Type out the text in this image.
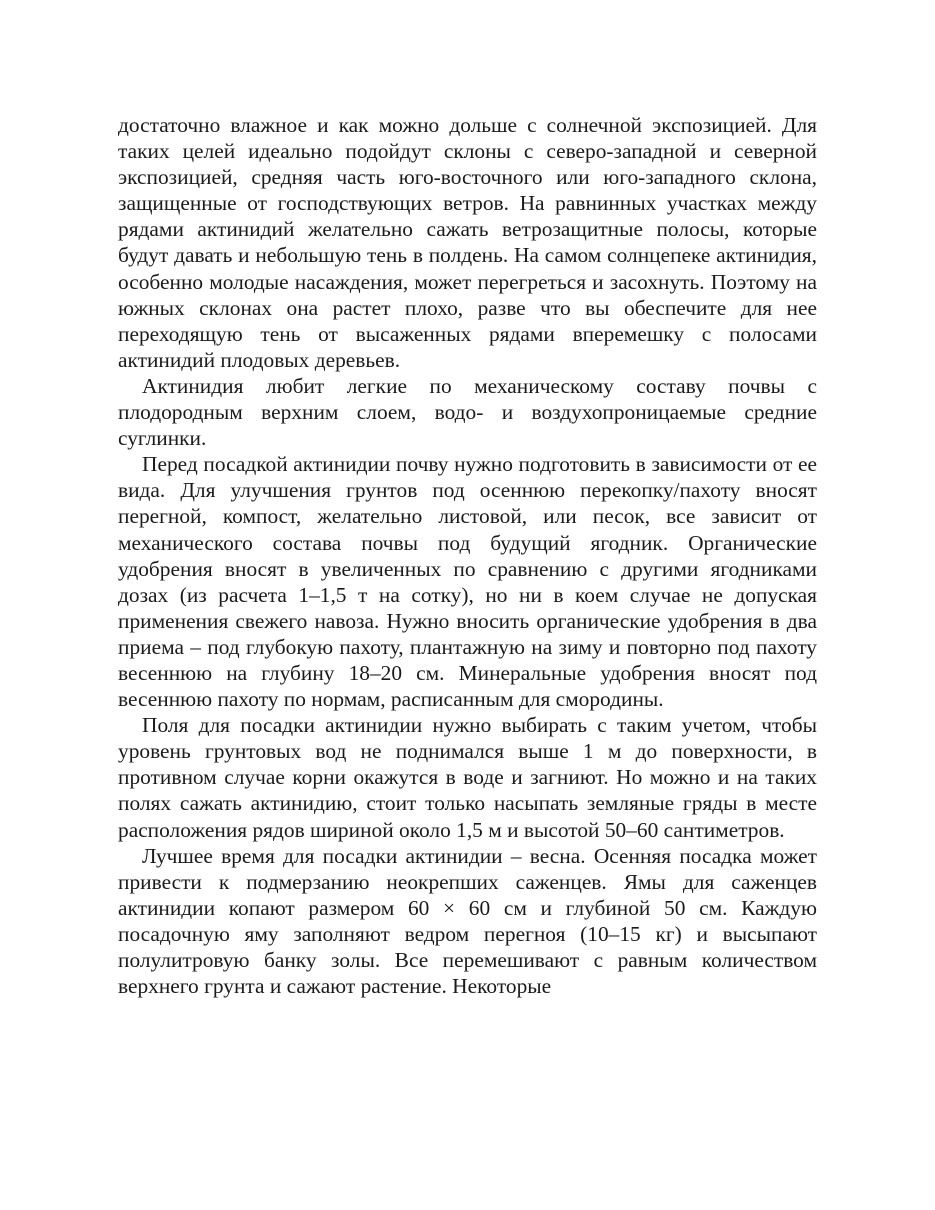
достаточно влажное и как можно дольше с солнечной экспозицией. Для таких целей идеально подойдут склоны с северо-западной и северной экспозицией, средняя часть юго-восточного или юго-западного склона, защищенные от господствующих ветров. На равнинных участках между рядами актинидий желательно сажать ветрозащитные полосы, которые будут давать и небольшую тень в полдень. На самом солнцепеке актинидия, особенно молодые насаждения, может перегреться и засохнуть. Поэтому на южных склонах она растет плохо, разве что вы обеспечите для нее переходящую тень от высаженных рядами вперемешку с полосами актинидий плодовых деревьев.

Актинидия любит легкие по механическому составу почвы с плодородным верхним слоем, водо- и воздухопроницаемые средние суглинки.

Перед посадкой актинидии почву нужно подготовить в зависимости от ее вида. Для улучшения грунтов под осеннюю перекопку/пахоту вносят перегной, компост, желательно листовой, или песок, все зависит от механического состава почвы под будущий ягодник. Органические удобрения вносят в увеличенных по сравнению с другими ягодниками дозах (из расчета 1–1,5 т на сотку), но ни в коем случае не допуская применения свежего навоза. Нужно вносить органические удобрения в два приема – под глубокую пахоту, плантажную на зиму и повторно под пахоту весеннюю на глубину 18–20 см. Минеральные удобрения вносят под весеннюю пахоту по нормам, расписанным для смородины.

Поля для посадки актинидии нужно выбирать с таким учетом, чтобы уровень грунтовых вод не поднимался выше 1 м до поверхности, в противном случае корни окажутся в воде и загниют. Но можно и на таких полях сажать актинидию, стоит только насыпать земляные гряды в месте расположения рядов шириной около 1,5 м и высотой 50–60 сантиметров.

Лучшее время для посадки актинидии – весна. Осенняя посадка может привести к подмерзанию неокрепших саженцев. Ямы для саженцев актинидии копают размером 60 × 60 см и глубиной 50 см. Каждую посадочную яму заполняют ведром перегноя (10–15 кг) и высыпают полулитровую банку золы. Все перемешивают с равным количеством верхнего грунта и сажают растение. Некоторые
